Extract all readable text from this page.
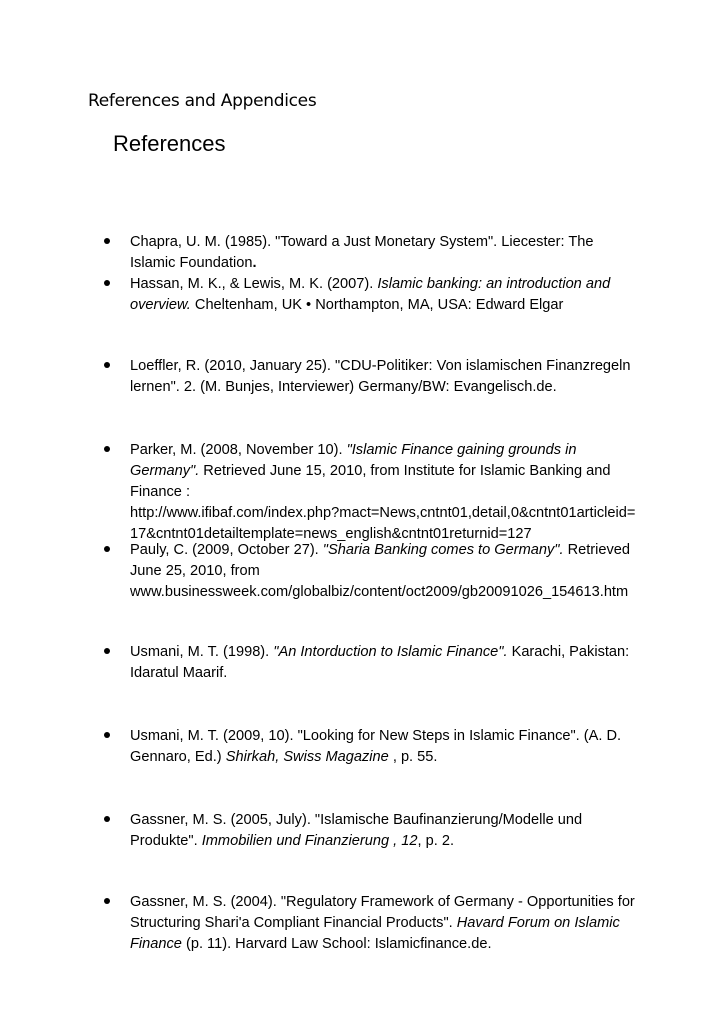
References and Appendices
References
Chapra, U. M. (1985). "Toward a Just Monetary System". Liecester: The
Islamic Foundation.
Hassan, M. K., & Lewis, M. K. (2007). Islamic banking: an introduction and
overview. Cheltenham, UK • Northampton, MA, USA: Edward Elgar
Loeffler, R. (2010, January 25). "CDU-Politiker: Von islamischen Finanzregeln
lernen". 2. (M. Bunjes, Interviewer) Germany/BW: Evangelisch.de.
Parker, M. (2008, November 10). "Islamic Finance gaining grounds in
Germany". Retrieved June 15, 2010, from Institute for Islamic Banking and
Finance :
http://www.ifibaf.com/index.php?mact=News,cntnt01,detail,0&cntnt01articleid=
17&cntnt01detailtemplate=news_english&cntnt01returnid=127
Pauly, C. (2009, October 27). "Sharia Banking comes to Germany". Retrieved
June 25, 2010, from
www.businessweek.com/globalbiz/content/oct2009/gb20091026_154613.htm
Usmani, M. T. (1998). "An Intorduction to Islamic Finance". Karachi, Pakistan:
Idaratul Maarif.
Usmani, M. T. (2009, 10). "Looking for New Steps in Islamic Finance". (A. D.
Gennaro, Ed.) Shirkah, Swiss Magazine , p. 55.
Gassner, M. S. (2005, July). "Islamische Baufinanzierung/Modelle und
Produkte". Immobilien und Finanzierung , 12, p. 2.
Gassner, M. S. (2004). "Regulatory Framework of Germany - Opportunities for
Structuring Shari'a Compliant Financial Products". Havard Forum on Islamic
Finance (p. 11). Harvard Law School: Islamicfinance.de.
